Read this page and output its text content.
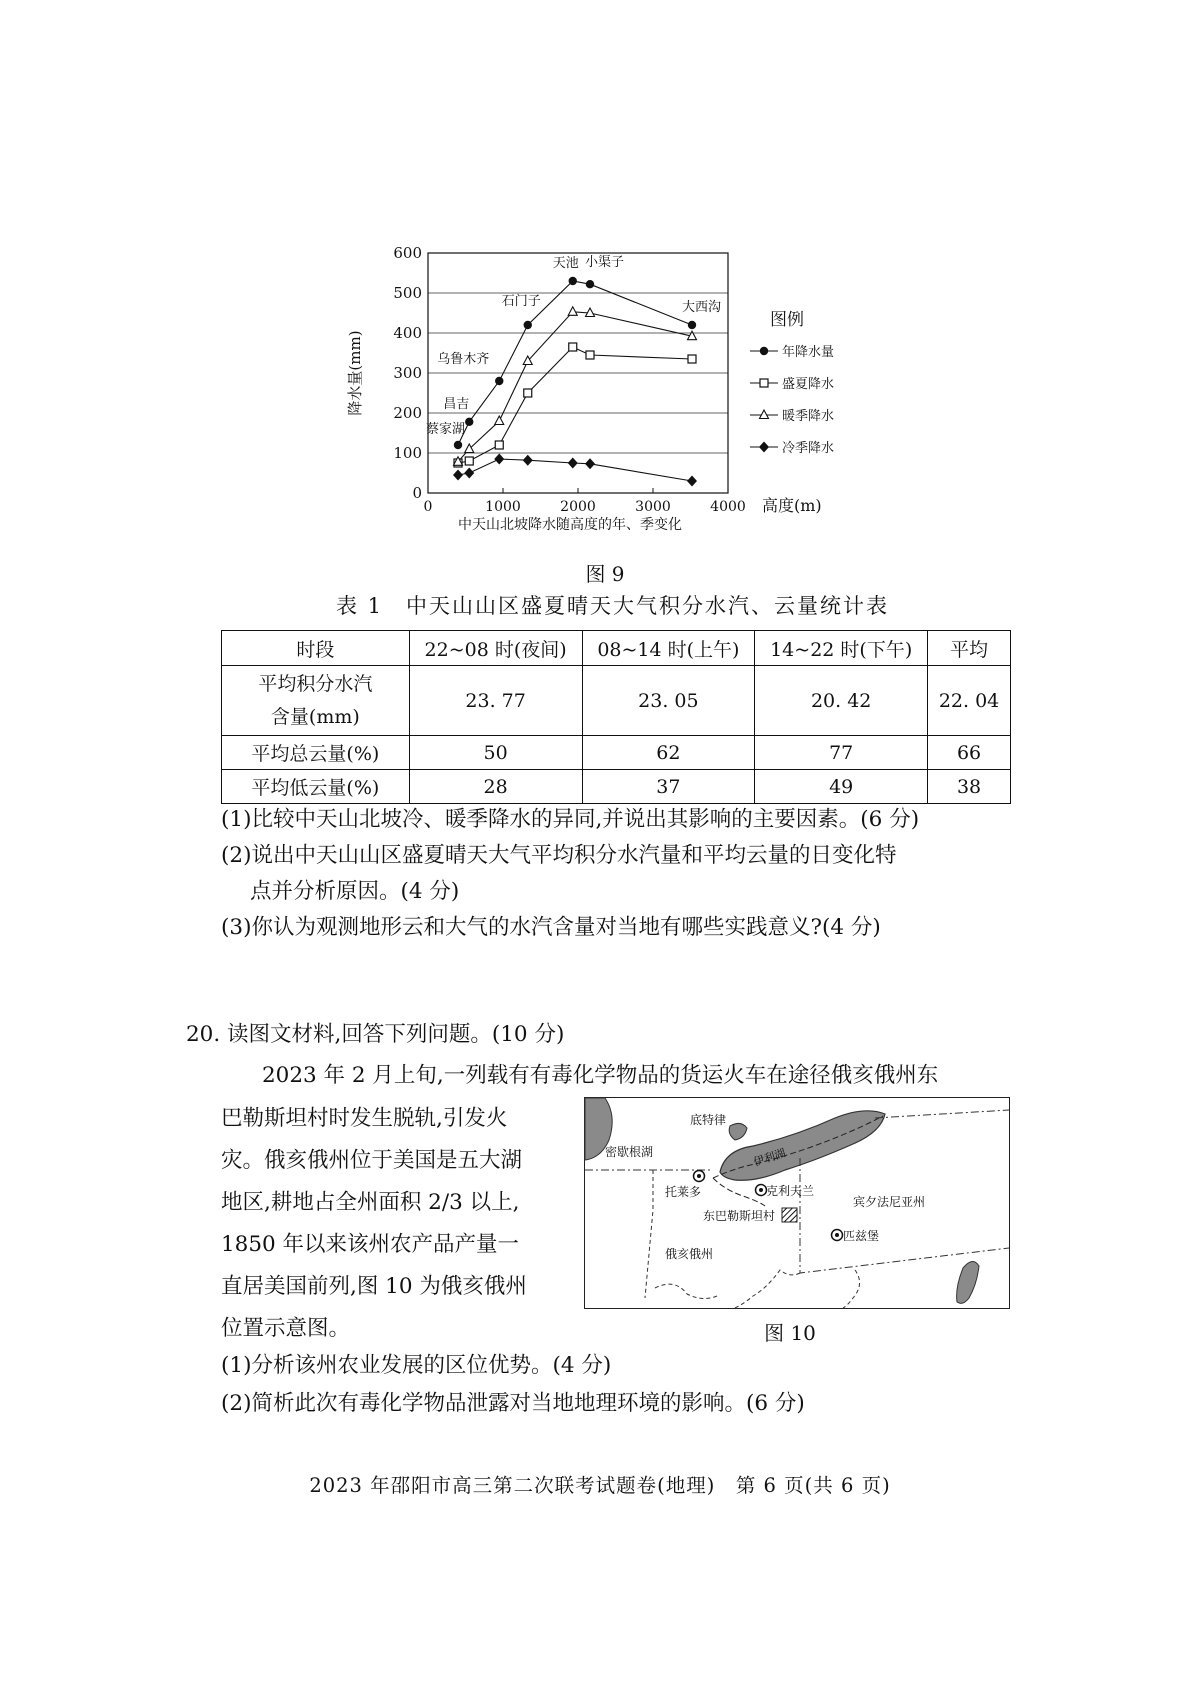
0
100
200
300
400
500
600
0	1000	2000	3000	4000 高度(m)
降水量(mm)
中天山北坡降水随高度的年、季变化
蔡家湖
昌吉
乌鲁木齐
石门子
天池 小渠子
大西沟
图例
年降水量
盛夏降水
暖季降水
冷季降水
图 9
表 1　中天山山区盛夏晴天大气积分水汽、云量统计表
时段	22~08 时(夜间)	08~14 时(上午)	14~22 时(下午)	平均

平均积分水汽
含量(mm)	23. 77	23. 05	20. 42	22. 04
平均总云量(%)	50	62	77	66
平均低云量(%)	28	37	49	38
(1)比较中天山北坡冷、暖季降水的异同,并说出其影响的主要因素。(6 分)
(2)说出中天山山区盛夏晴天大气平均积分水汽量和平均云量的日变化特
点并分析原因。(4 分)
(3)你认为观测地形云和大气的水汽含量对当地有哪些实践意义?(4 分)
20. 读图文材料,回答下列问题。(10 分)
2023 年 2 月上旬,一列载有有毒化学物品的货运火车在途径俄亥俄州东
巴勒斯坦村时发生脱轨,引发火
灾。俄亥俄州位于美国是五大湖
地区,耕地占全州面积 2/3 以上,
1850 年以来该州农产品产量一
直居美国前列,图 10 为俄亥俄州
位置示意图。
底特律
密歇根湖	伊利湖
托莱多	克利夫兰
东巴勒斯坦村
宾夕法尼亚州
匹兹堡
俄亥俄州
图 10
(1)分析该州农业发展的区位优势。(4 分)
(2)简析此次有毒化学物品泄露对当地地理环境的影响。(6 分)
2023 年邵阳市高三第二次联考试题卷(地理)　第 6 页(共 6 页)
